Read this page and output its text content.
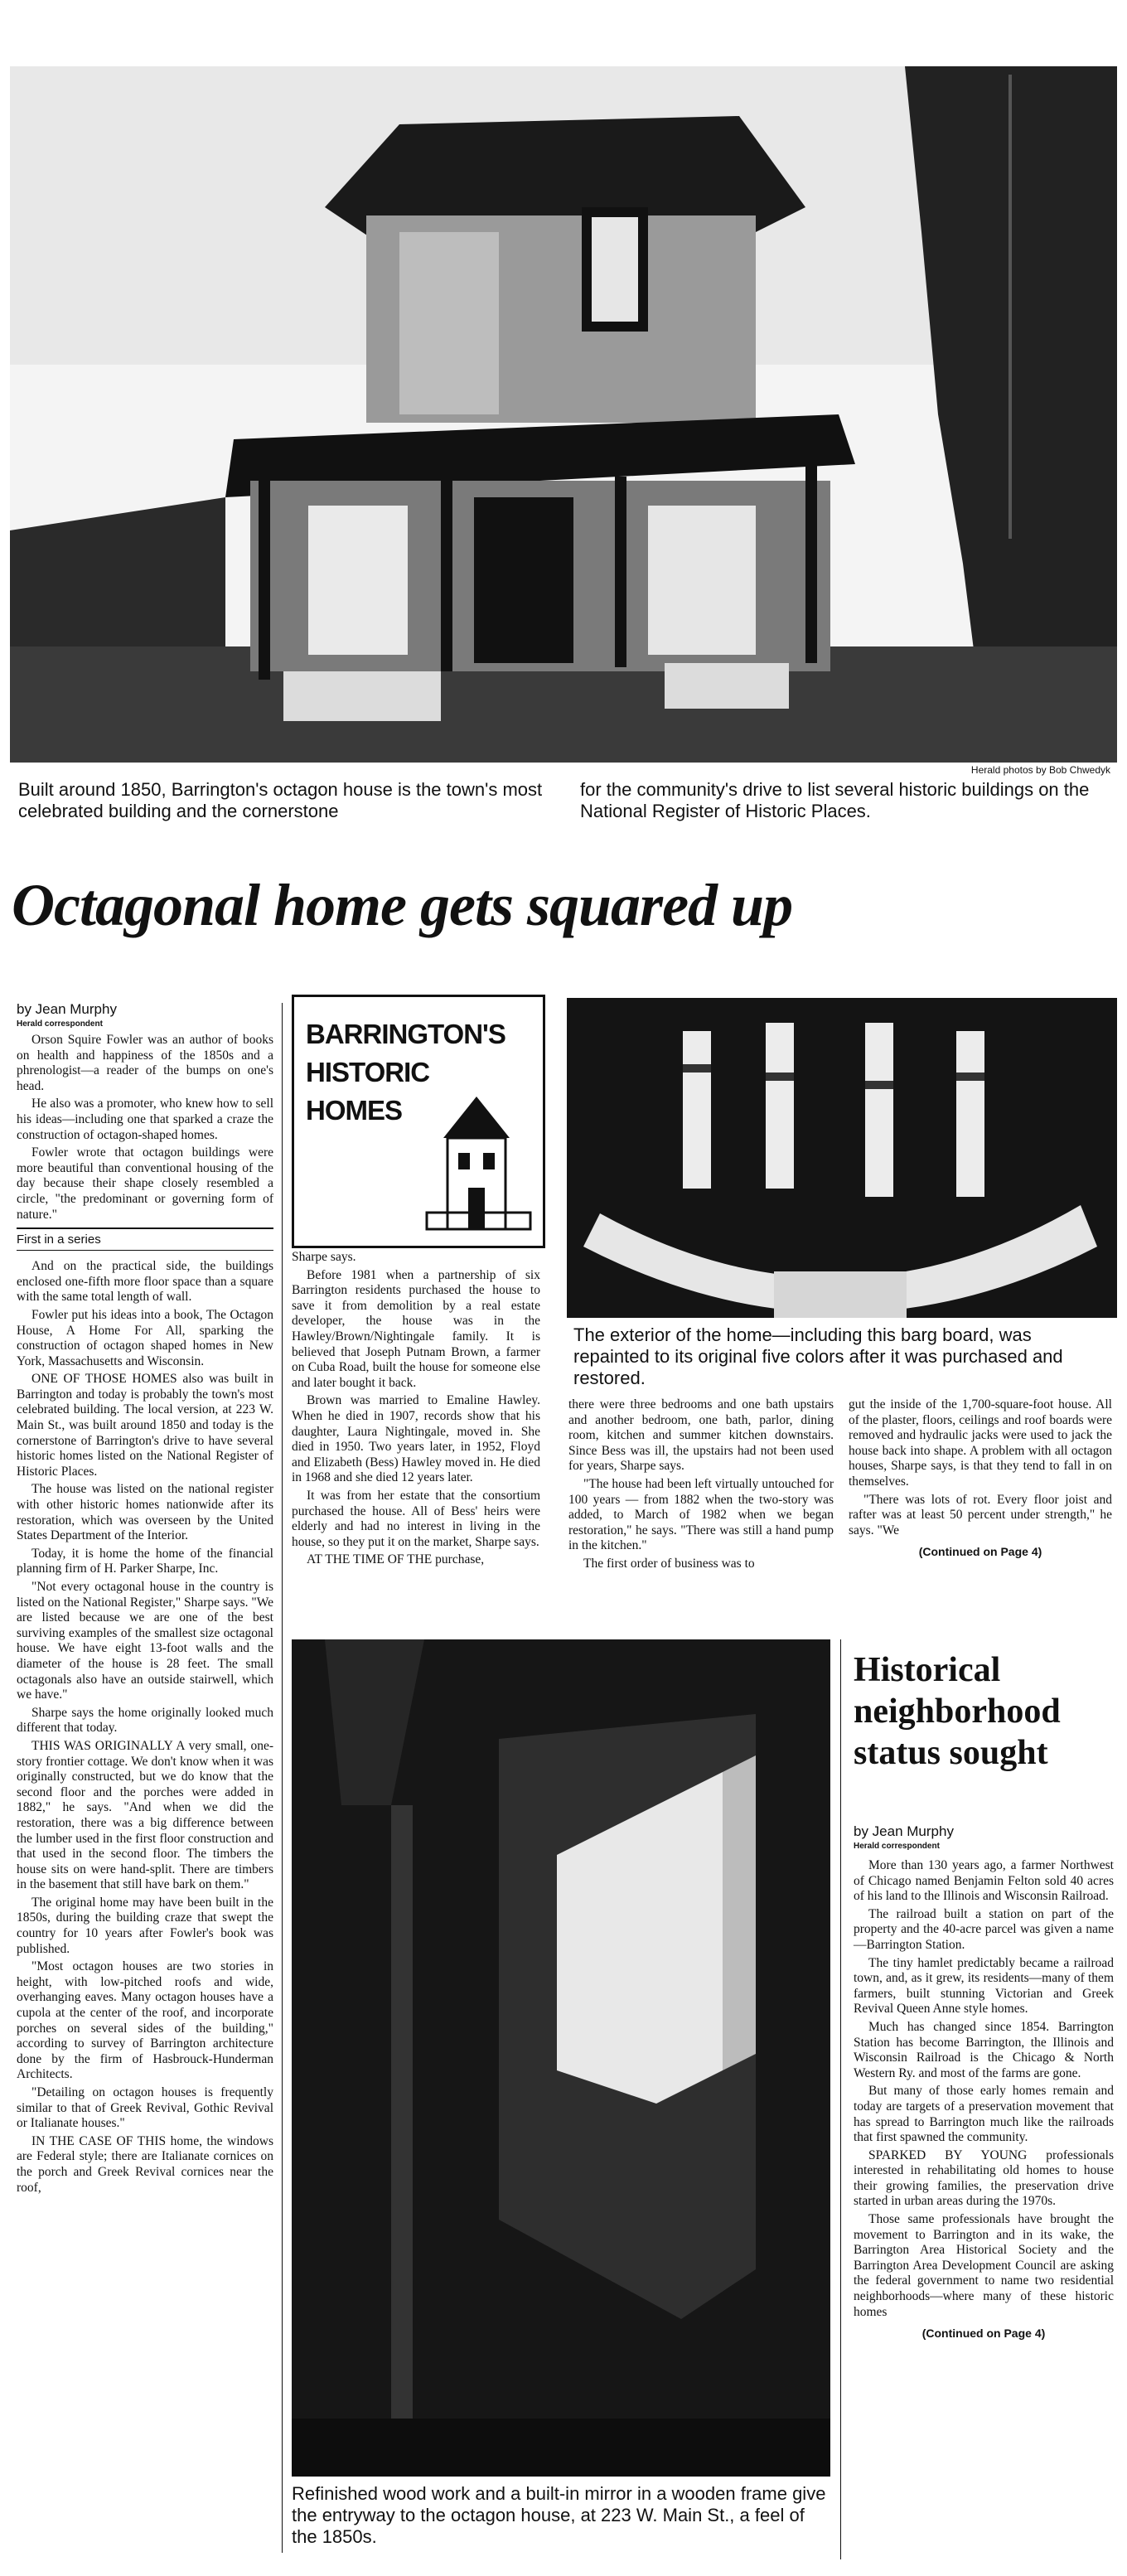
Herald photos by Bob Chwedyk
Built around 1850, Barrington's octagon house is the town's most celebrated building and the cornerstone
for the community's drive to list several historic buildings on the National Register of Historic Places.
Octagonal home gets squared up
by Jean Murphy
Herald correspondent

Orson Squire Fowler was an author of books on health and happiness of the 1850s and a phrenologist—a reader of the bumps on one's head.

He also was a promoter, who knew how to sell his ideas—including one that sparked a craze the construction of octagon-shaped homes.

Fowler wrote that octagon buildings were more beautiful than conventional housing of the day because their shape closely resembled a circle, "the predominant or governing form of nature."

First in a series

And on the practical side, the buildings enclosed one-fifth more floor space than a square with the same total length of wall.

Fowler put his ideas into a book, The Octagon House, A Home For All, sparking the construction of octagon shaped homes in New York, Massachusetts and Wisconsin.

ONE OF THOSE HOMES also was built in Barrington and today is probably the town's most celebrated building. The local version, at 223 W. Main St., was built around 1850 and today is the cornerstone of Barrington's drive to have several historic homes listed on the National Register of Historic Places.

The house was listed on the national register with other historic homes nationwide after its restoration, which was overseen by the United States Department of the Interior.

Today, it is home the home of the financial planning firm of H. Parker Sharpe, Inc.

"Not every octagonal house in the country is listed on the National Register," Sharpe says. "We are listed because we are one of the best surviving examples of the smallest size octagonal house. We have eight 13-foot walls and the diameter of the house is 28 feet. The small octagonals also have an outside stairwell, which we have."

Sharpe says the home originally looked much different that today.

THIS WAS ORIGINALLY A very small, one-story frontier cottage. We don't know when it was originally constructed, but we do know that the second floor and the porches were added in 1882," he says. "And when we did the restoration, there was a big difference between the lumber used in the first floor construction and that used in the second floor. The timbers the house sits on were hand-split. There are timbers in the basement that still have bark on them."

The original home may have been built in the 1850s, during the building craze that swept the country for 10 years after Fowler's book was published.

"Most octagon houses are two stories in height, with low-pitched roofs and wide, overhanging eaves. Many octagon houses have a cupola at the center of the roof, and incorporate porches on several sides of the building," according to survey of Barrington architecture done by the firm of Hasbrouck-Hunderman Architects.

"Detailing on octagon houses is frequently similar to that of Greek Revival, Gothic Revival or Italianate houses."

IN THE CASE OF THIS home, the windows are Federal style; there are Italianate cornices on the porch and Greek Revival cornices near the roof,

BARRINGTON'S
HISTORIC
HOMES

Sharpe says.

Before 1981 when a partnership of six Barrington residents purchased the house to save it from demolition by a real estate developer, the house was in the Hawley/Brown/Nightingale family. It is believed that Joseph Putnam Brown, a farmer on Cuba Road, built the house for someone else and later bought it back.

Brown was married to Emaline Hawley. When he died in 1907, records show that his daughter, Laura Nightingale, moved in. She died in 1950. Two years later, in 1952, Floyd and Elizabeth (Bess) Hawley moved in. He died in 1968 and she died 12 years later.

It was from her estate that the consortium purchased the house. All of Bess' heirs were elderly and had no interest in living in the house, so they put it on the market, Sharpe says.

AT THE TIME OF THE purchase,

The exterior of the home—including this barg board, was repainted to its original five colors after it was purchased and restored.

there were three bedrooms and one bath upstairs and another bedroom, one bath, parlor, dining room, kitchen and summer kitchen downstairs. Since Bess was ill, the upstairs had not been used for years, Sharpe says.

"The house had been left virtually untouched for 100 years — from 1882 when the two-story was added, to March of 1982 when we began restoration," he says. "There was still a hand pump in the kitchen."

The first order of business was to

gut the inside of the 1,700-square-foot house. All of the plaster, floors, ceilings and roof boards were removed and hydraulic jacks were used to jack the house back into shape. A problem with all octagon houses, Sharpe says, is that they tend to fall in on themselves.

"There was lots of rot. Every floor joist and rafter was at least 50 percent under strength," he says. "We

(Continued on Page 4)
Refinished wood work and a built-in mirror in a wooden frame give the entryway to the octagon house, at 223 W. Main St., a feel of the 1850s.
Historical neighborhood status sought
by Jean Murphy
Herald correspondent

More than 130 years ago, a farmer Northwest of Chicago named Benjamin Felton sold 40 acres of his land to the Illinois and Wisconsin Railroad.

The railroad built a station on part of the property and the 40-acre parcel was given a name—Barrington Station.

The tiny hamlet predictably became a railroad town, and, as it grew, its residents—many of them farmers, built stunning Victorian and Greek Revival Queen Anne style homes.

Much has changed since 1854. Barrington Station has become Barrington, the Illinois and Wisconsin Railroad is the Chicago & North Western Ry. and most of the farms are gone.

But many of those early homes remain and today are targets of a preservation movement that has spread to Barrington much like the railroads that first spawned the community.

SPARKED BY YOUNG professionals interested in rehabilitating old homes to house their growing families, the preservation drive started in urban areas during the 1970s.

Those same professionals have brought the movement to Barrington and in its wake, the Barrington Area Historical Society and the Barrington Area Development Council are asking the federal government to name two residential neighborhoods—where many of these historic homes

(Continued on Page 4)
